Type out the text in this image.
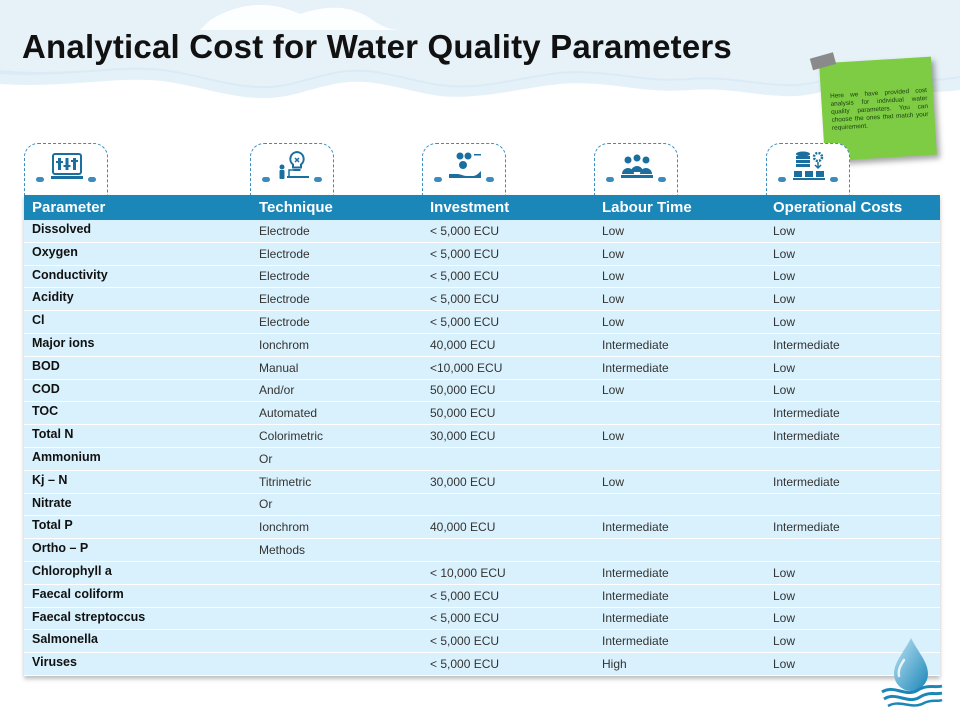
Analytical Cost for Water Quality Parameters
Here we have provided cost analysis for individual water quality parameters. You can choose the ones that match your requirement.
Parameter	Technique	Investment	Labour Time	Operational Costs
Dissolved	Electrode	< 5,000 ECU	Low	Low
Oxygen	Electrode	< 5,000 ECU	Low	Low
Conductivity	Electrode	< 5,000 ECU	Low	Low
Acidity	Electrode	< 5,000 ECU	Low	Low
Cl	Electrode	< 5,000 ECU	Low	Low
Major ions	Ionchrom	40,000 ECU	Intermediate	Intermediate
BOD	Manual	<10,000 ECU	Intermediate	Low
COD	And/or	50,000 ECU	Low	Low
TOC	Automated	50,000 ECU		Intermediate
Total N	Colorimetric	30,000 ECU	Low	Intermediate
Ammonium	Or			
Kj – N	Titrimetric	30,000 ECU	Low	Intermediate
Nitrate	Or			
Total P	Ionchrom	40,000 ECU	Intermediate	Intermediate
Ortho – P	Methods			
Chlorophyll a		< 10,000 ECU	Intermediate	Low
Faecal coliform		< 5,000 ECU	Intermediate	Low
Faecal streptoccus		< 5,000 ECU	Intermediate	Low
Salmonella		< 5,000 ECU	Intermediate	Low
Viruses		< 5,000 ECU	High	Low
